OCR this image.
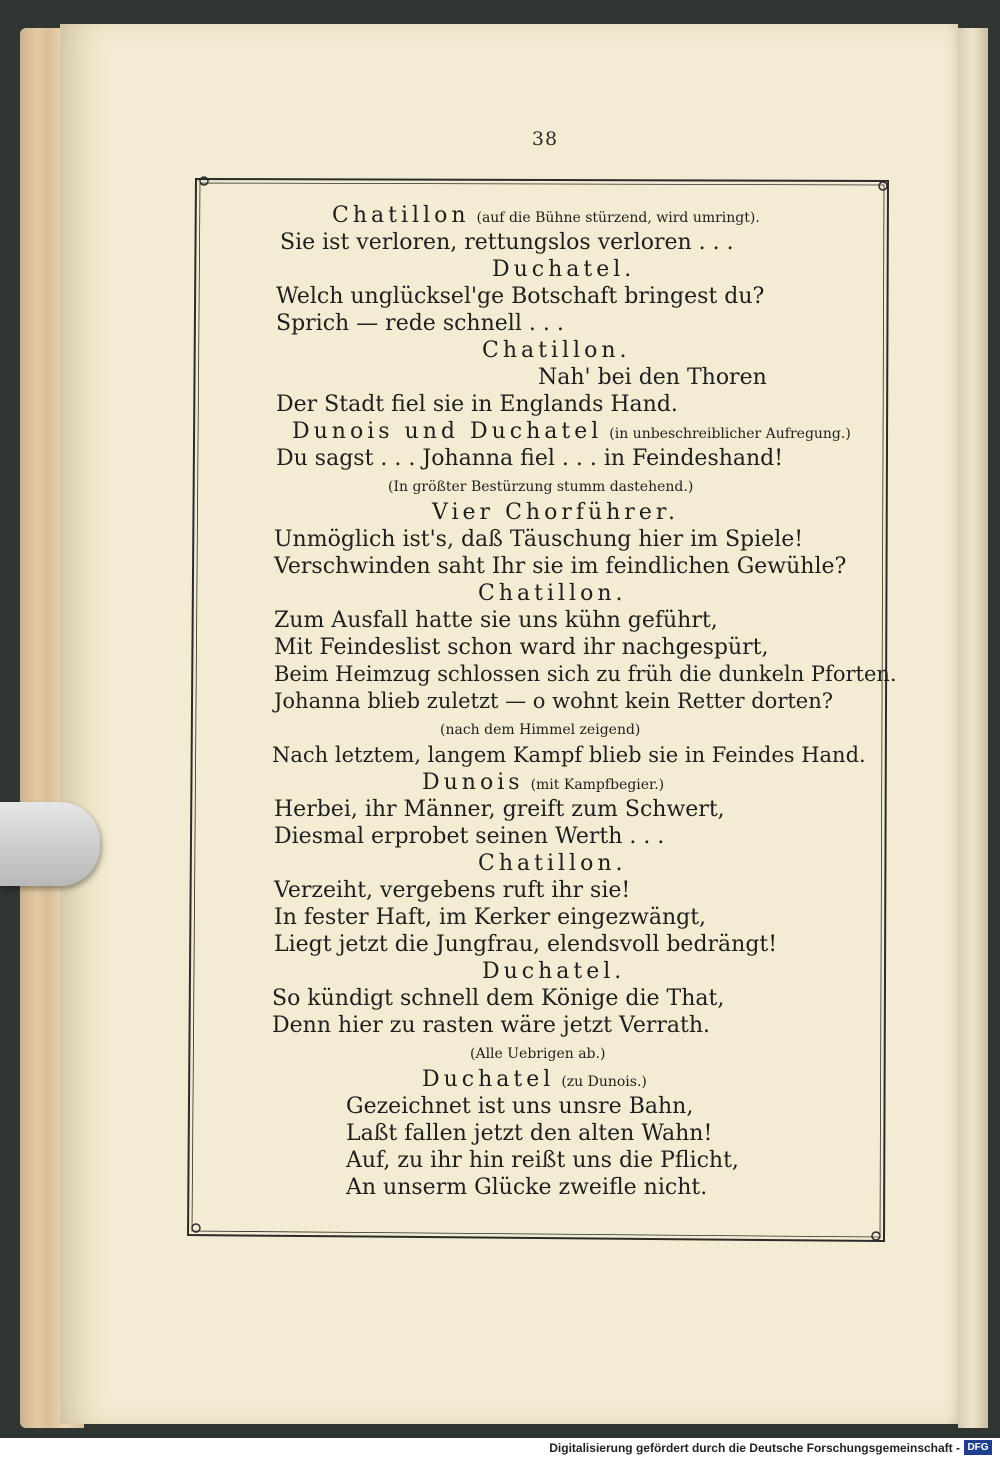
38
Chatillon (auf die Bühne stürzend, wird umringt).
Sie ist verloren, rettungslos verloren . . .
Duchatel.
Welch unglücksel'ge Botschaft bringest du?
Sprich — rede schnell . . .
Chatillon.
Nah' bei den Thoren
Der Stadt fiel sie in Englands Hand.
Dunois und Duchatel (in unbeschreiblicher Aufregung.)
Du sagst . . . Johanna fiel . . . in Feindeshand!
(In größter Bestürzung stumm dastehend.)
Vier Chorführer.
Unmöglich ist's, daß Täuschung hier im Spiele!
Verschwinden saht Ihr sie im feindlichen Gewühle?
Chatillon.
Zum Ausfall hatte sie uns kühn geführt,
Mit Feindeslist schon ward ihr nachgespürt,
Beim Heimzug schlossen sich zu früh die dunkeln Pforten.
Johanna blieb zuletzt — o wohnt kein Retter dorten?
(nach dem Himmel zeigend)
Nach letztem, langem Kampf blieb sie in Feindes Hand.
Dunois (mit Kampfbegier.)
Herbei, ihr Männer, greift zum Schwert,
Diesmal erprobet seinen Werth . . .
Chatillon.
Verzeiht, vergebens ruft ihr sie!
In fester Haft, im Kerker eingezwängt,
Liegt jetzt die Jungfrau, elendsvoll bedrängt!
Duchatel.
So kündigt schnell dem Könige die That,
Denn hier zu rasten wäre jetzt Verrath.
(Alle Uebrigen ab.)
Duchatel (zu Dunois.)
Gezeichnet ist uns unsre Bahn,
Laßt fallen jetzt den alten Wahn!
Auf, zu ihr hin reißt uns die Pflicht,
An unserm Glücke zweifle nicht.
Digitalisierung gefördert durch die Deutsche Forschungsgemeinschaft - DFG
